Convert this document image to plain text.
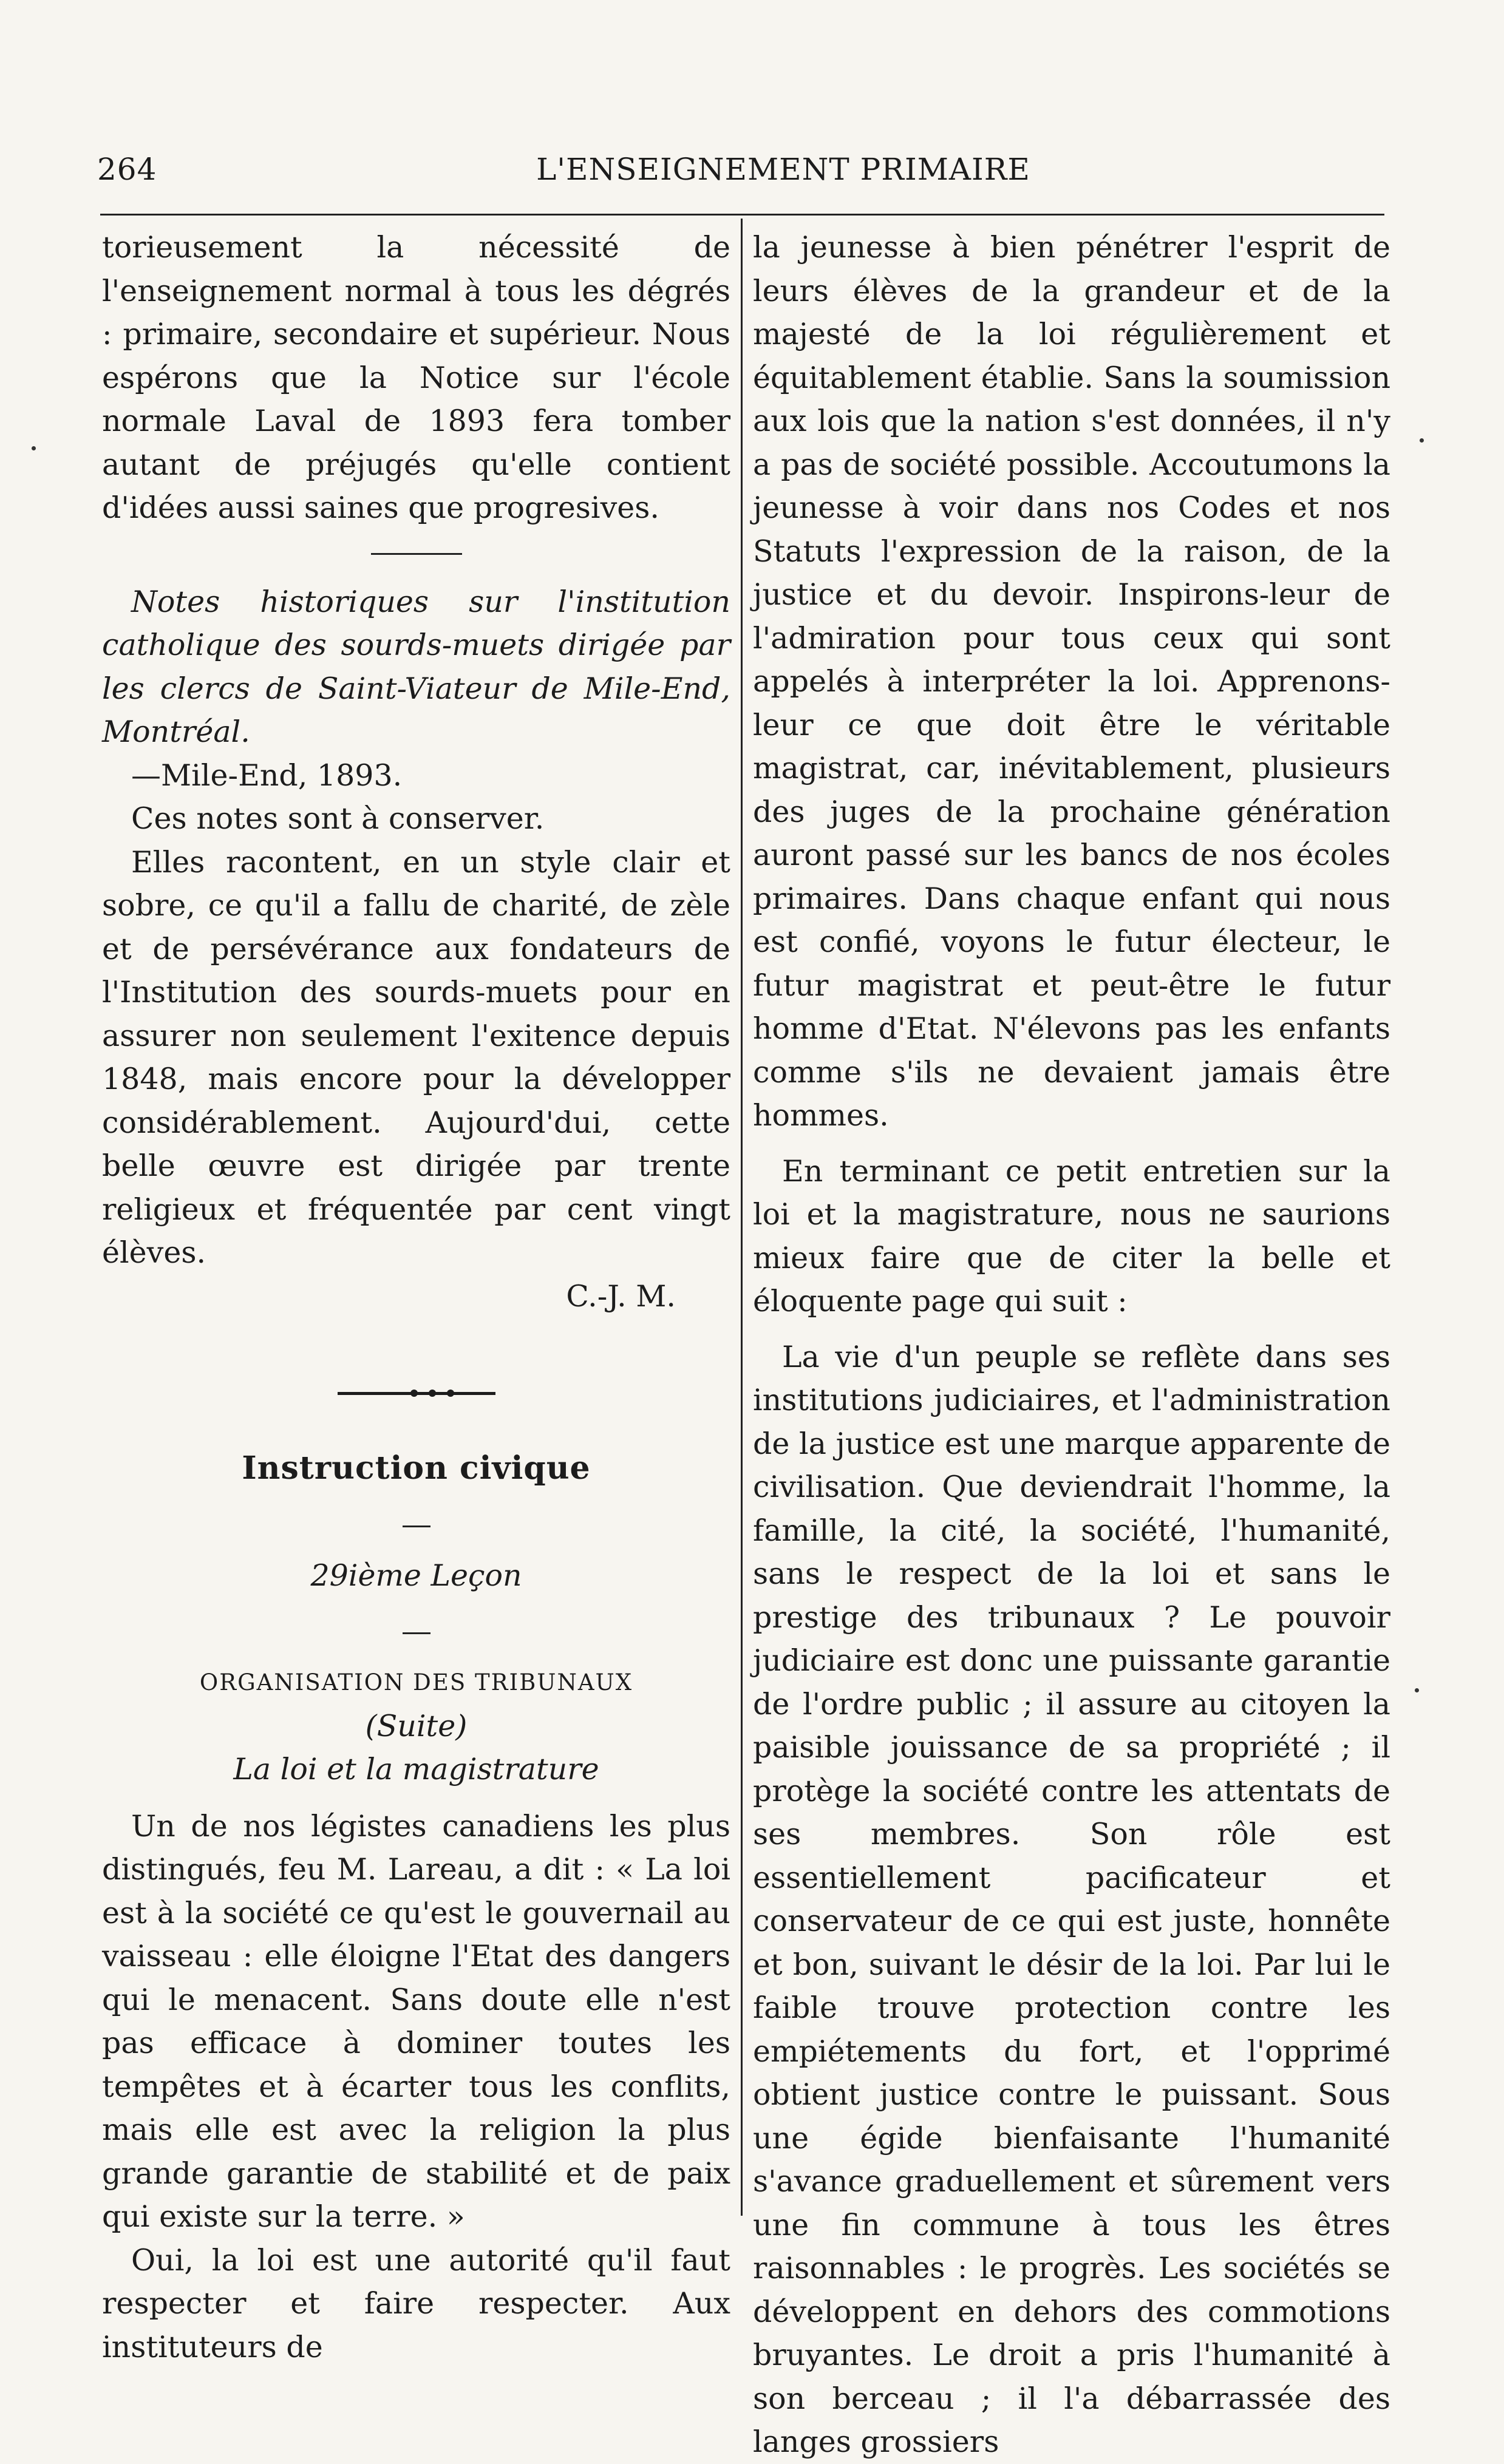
264	L'ENSEIGNEMENT PRIMAIRE

torieusement la nécessité de l'enseignement normal à tous les dégrés : primaire, secondaire et supérieur. Nous espérons que la Notice sur l'école normale Laval de 1893 fera tomber autant de préjugés qu'elle contient d'idées aussi saines que progresives.

Notes historiques sur l'institution catholique des sourds-muets dirigée par les clercs de Saint-Viateur de Mile-End, Montréal.

—Mile-End, 1893.

Ces notes sont à conserver.

Elles racontent, en un style clair et sobre, ce qu'il a fallu de charité, de zèle et de persévérance aux fondateurs de l'Institution des sourds-muets pour en assurer non seulement l'exitence depuis 1848, mais encore pour la développer considérablement. Aujourd'dui, cette belle œuvre est dirigée par trente religieux et fréquentée par cent vingt élèves.

C.-J. M.

Instruction civique

29ième Leçon

ORGANISATION DES TRIBUNAUX

(Suite)

La loi et la magistrature

Un de nos légistes canadiens les plus distingués, feu M. Lareau, a dit : « La loi est à la société ce qu'est le gouvernail au vaisseau : elle éloigne l'Etat des dangers qui le menacent. Sans doute elle n'est pas efficace à dominer toutes les tempêtes et à écarter tous les conflits, mais elle est avec la religion la plus grande garantie de stabilité et de paix qui existe sur la terre. »

Oui, la loi est une autorité qu'il faut respecter et faire respecter. Aux instituteurs de

la jeunesse à bien pénétrer l'esprit de leurs élèves de la grandeur et de la majesté de la loi régulièrement et équitablement établie. Sans la soumission aux lois que la nation s'est données, il n'y a pas de société possible. Accoutumons la jeunesse à voir dans nos Codes et nos Statuts l'expression de la raison, de la justice et du devoir. Inspirons-leur de l'admiration pour tous ceux qui sont appelés à interpréter la loi. Apprenons-leur ce que doit être le véritable magistrat, car, inévitablement, plusieurs des juges de la prochaine génération auront passé sur les bancs de nos écoles primaires. Dans chaque enfant qui nous est confié, voyons le futur électeur, le futur magistrat et peut-être le futur homme d'Etat. N'élevons pas les enfants comme s'ils ne devaient jamais être hommes.

En terminant ce petit entretien sur la loi et la magistrature, nous ne saurions mieux faire que de citer la belle et éloquente page qui suit :

La vie d'un peuple se reflète dans ses institutions judiciaires, et l'administration de la justice est une marque apparente de civilisation. Que deviendrait l'homme, la famille, la cité, la société, l'humanité, sans le respect de la loi et sans le prestige des tribunaux ? Le pouvoir judiciaire est donc une puissante garantie de l'ordre public ; il assure au citoyen la paisible jouissance de sa propriété ; il protège la société contre les attentats de ses membres. Son rôle est essentiellement pacificateur et conservateur de ce qui est juste, honnête et bon, suivant le désir de la loi. Par lui le faible trouve protection contre les empiétements du fort, et l'opprimé obtient justice contre le puissant. Sous une égide bienfaisante l'humanité s'avance graduellement et sûrement vers une fin commune à tous les êtres raisonnables : le progrès. Les sociétés se développent en dehors des commotions bruyantes. Le droit a pris l'humanité à son berceau ; il l'a débarrassée des langes grossiers
